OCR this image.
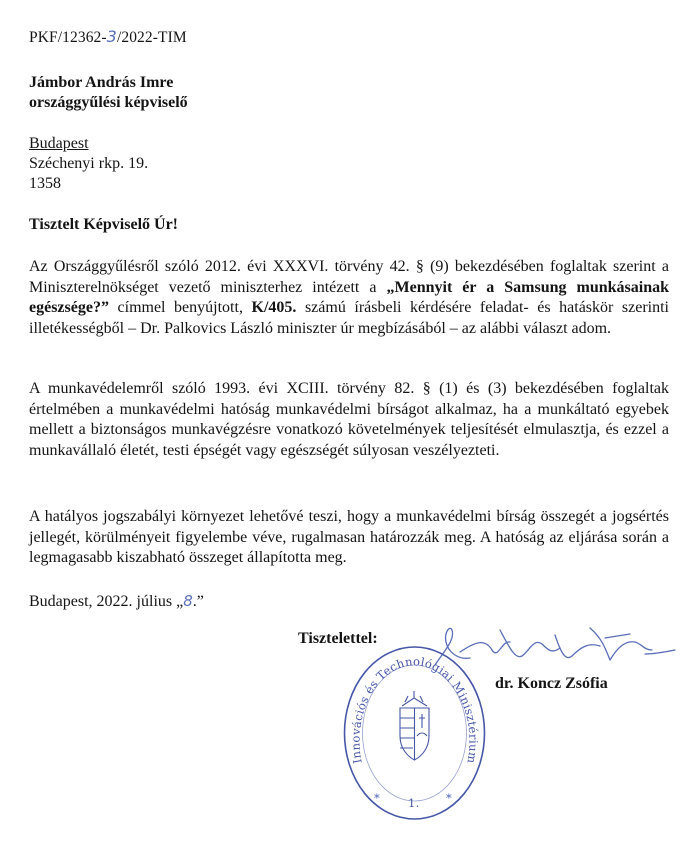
PKF/12362-3/2022-TIM
Jámbor András Imre
országgyűlési képviselő
Budapest
Széchenyi rkp. 19.
1358
Tisztelt Képviselő Úr!
Az Országgyűlésről szóló 2012. évi XXXVI. törvény 42. § (9) bekezdésében foglaltak szerint a Miniszterelnökséget vezető miniszterhez intézett a „Mennyit ér a Samsung munkásainak egészsége?” címmel benyújtott, K/405. számú írásbeli kérdésére feladat- és hatáskör szerinti illetékességből – Dr. Palkovics László miniszter úr megbízásából – az alábbi választ adom.
A munkavédelemről szóló 1993. évi XCIII. törvény 82. § (1) és (3) bekezdésében foglaltak értelmében a munkavédelmi hatóság munkavédelmi bírságot alkalmaz, ha a munkáltató egyebek mellett a biztonságos munkavégzésre vonatkozó követelmények teljesítését elmulasztja, és ezzel a munkavállaló életét, testi épségét vagy egészségét súlyosan veszélyezteti.
A hatályos jogszabályi környezet lehetővé teszi, hogy a munkavédelmi bírság összegét a jogsértés jellegét, körülményeit figyelembe véve, rugalmasan határozzák meg. A hatóság az eljárása során a legmagasabb kiszabható összeget állapította meg.
Budapest, 2022. július „8.”
Tisztelettel:
dr. Koncz Zsófia
Innovációs és Technológiai Minisztérium
* 1. *
